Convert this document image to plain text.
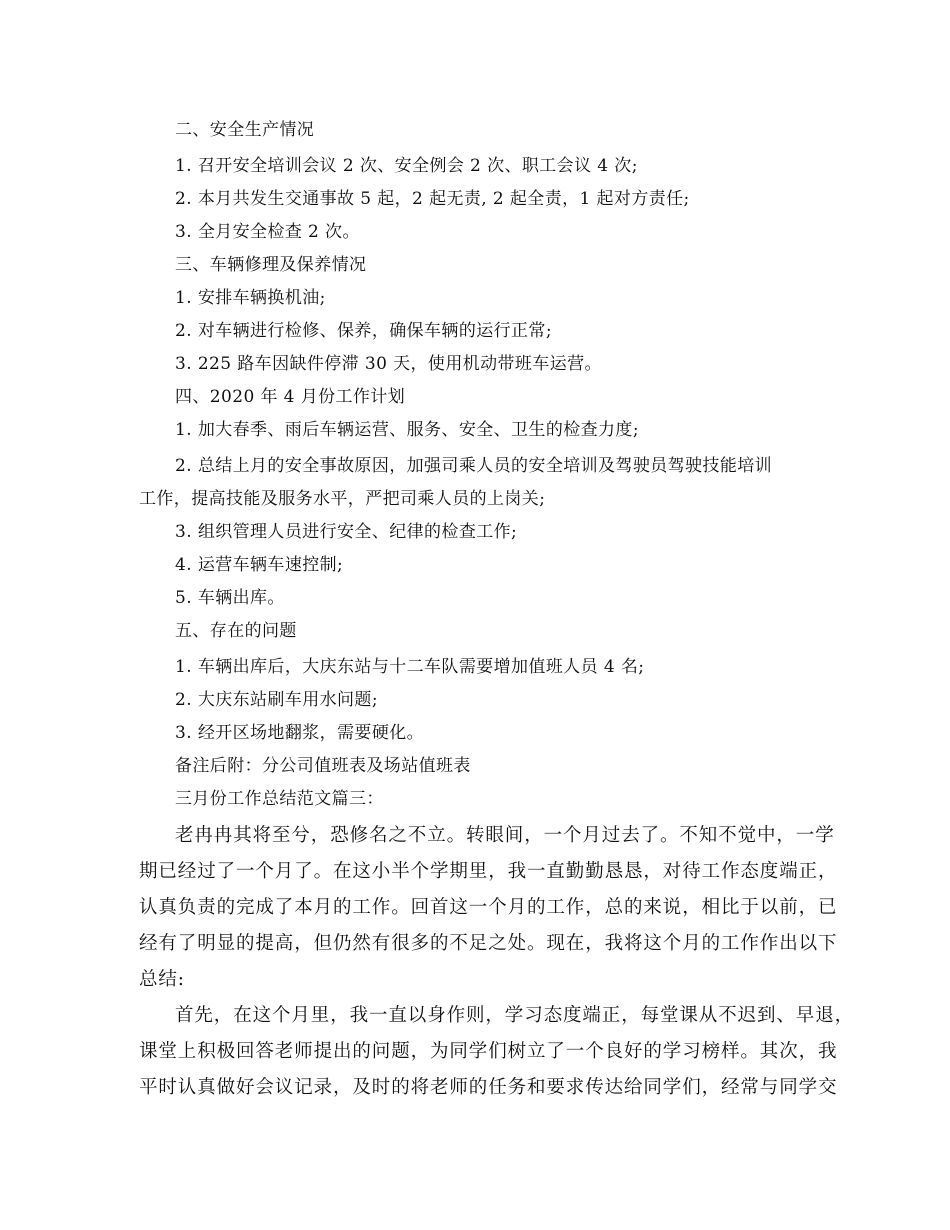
二、安全生产情况

1. 召开安全培训会议 2 次、安全例会 2 次、职工会议 4 次;

2. 本月共发生交通事故 5 起，2 起无责, 2 起全责，1 起对方责任;

3. 全月安全检查 2 次。

三、车辆修理及保养情况

1. 安排车辆换机油;

2. 对车辆进行检修、保养，确保车辆的运行正常;

3. 225 路车因缺件停滞 30 天，使用机动带班车运营。

四、2020 年 4 月份工作计划

1. 加大春季、雨后车辆运营、服务、安全、卫生的检查力度;

2. 总结上月的安全事故原因，加强司乘人员的安全培训及驾驶员驾驶技能培训

工作，提高技能及服务水平，严把司乘人员的上岗关;

3. 组织管理人员进行安全、纪律的检查工作;

4. 运营车辆车速控制;

5. 车辆出库。

五、存在的问题

1. 车辆出库后，大庆东站与十二车队需要增加值班人员 4 名;

2. 大庆东站刷车用水问题;

3. 经开区场地翻浆，需要硬化。

备注后附：分公司值班表及场站值班表

三月份工作总结范文篇三：

老冉冉其将至兮，恐修名之不立。转眼间，一个月过去了。不知不觉中，一学

期已经过了一个月了。在这小半个学期里，我一直勤勤恳恳，对待工作态度端正，

认真负责的完成了本月的工作。回首这一个月的工作，总的来说，相比于以前，已

经有了明显的提高，但仍然有很多的不足之处。现在，我将这个月的工作作出以下

总结:

首先，在这个月里，我一直以身作则，学习态度端正，每堂课从不迟到、早退，

课堂上积极回答老师提出的问题，为同学们树立了一个良好的学习榜样。其次，我

平时认真做好会议记录，及时的将老师的任务和要求传达给同学们，经常与同学交
